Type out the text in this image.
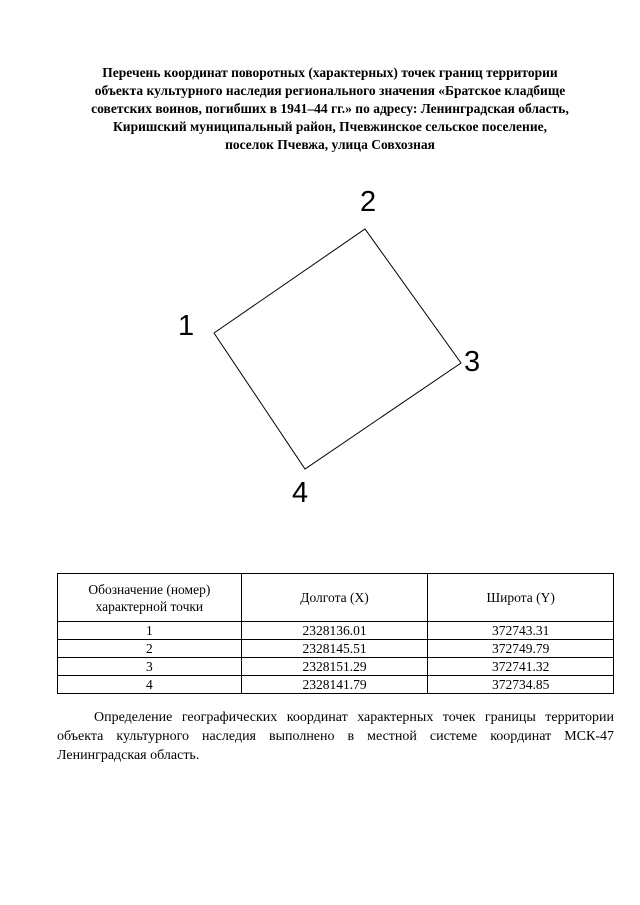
Перечень координат поворотных (характерных) точек границ территории
объекта культурного наследия регионального значения «Братское кладбище
советских воинов, погибших в 1941–44 гг.» по адресу: Ленинградская область,
Киришский муниципальный район, Пчевжинское сельское поселение,
поселок Пчевжа, улица Совхозная
1
2
3
4
Обозначение (номер) характерной точки	Долгота (X)	Широта (Y)
1	2328136.01	372743.31
2	2328145.51	372749.79
3	2328151.29	372741.32
4	2328141.79	372734.85
Определение географических координат характерных точек границы территории объекта культурного наследия выполнено в местной системе координат МСК-47 Ленинградская область.
